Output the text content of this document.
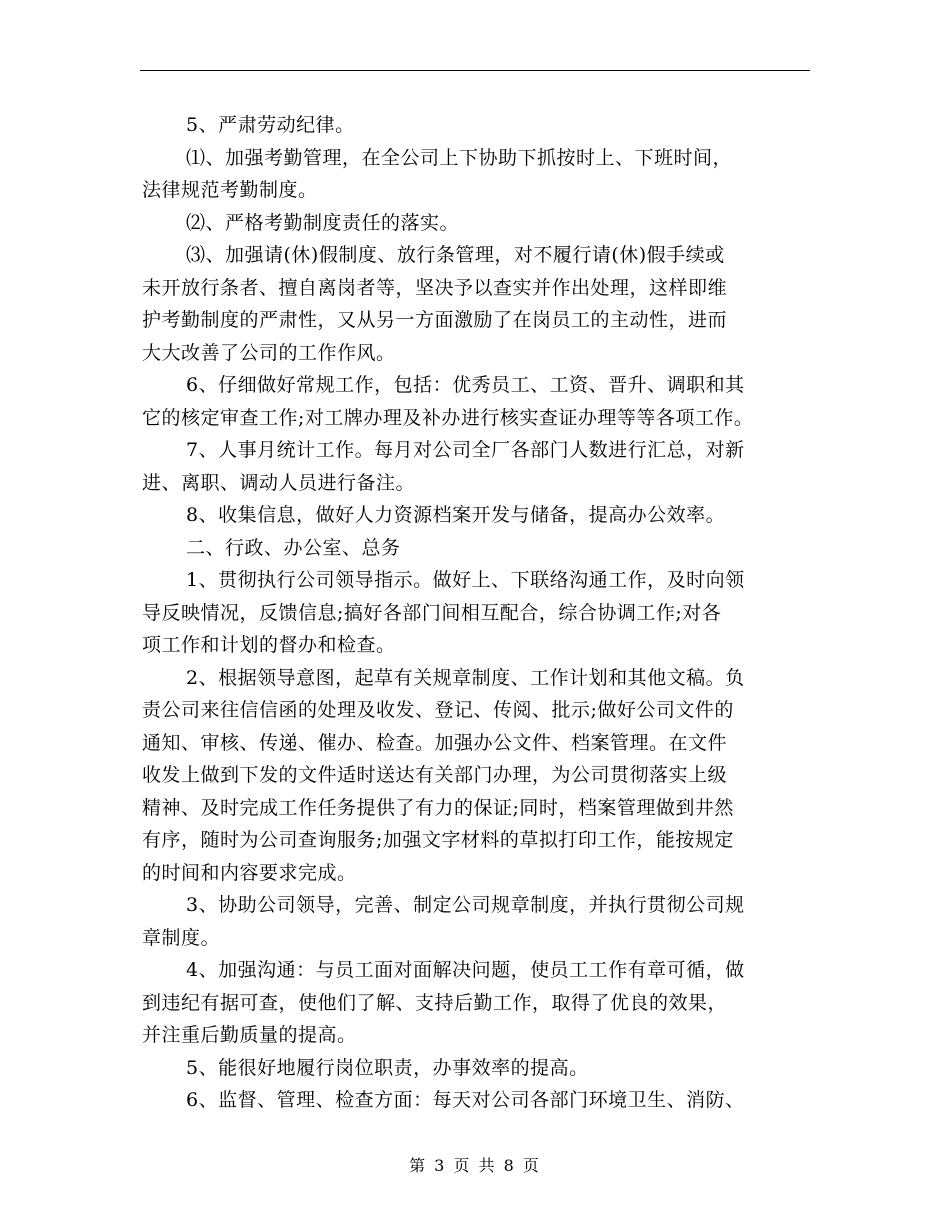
5、严肃劳动纪律。
⑴、加强考勤管理，在全公司上下协助下抓按时上、下班时间，
法律规范考勤制度。
⑵、严格考勤制度责任的落实。
⑶、加强请(休)假制度、放行条管理，对不履行请(休)假手续或
未开放行条者、擅自离岗者等，坚决予以查实并作出处理，这样即维
护考勤制度的严肃性，又从另一方面激励了在岗员工的主动性，进而
大大改善了公司的工作作风。
6、仔细做好常规工作，包括：优秀员工、工资、晋升、调职和其
它的核定审查工作;对工牌办理及补办进行核实查证办理等等各项工作。
7、人事月统计工作。每月对公司全厂各部门人数进行汇总，对新
进、离职、调动人员进行备注。
8、收集信息，做好人力资源档案开发与储备，提高办公效率。
二、行政、办公室、总务
1、贯彻执行公司领导指示。做好上、下联络沟通工作，及时向领
导反映情况，反馈信息;搞好各部门间相互配合，综合协调工作;对各
项工作和计划的督办和检查。
2、根据领导意图，起草有关规章制度、工作计划和其他文稿。负
责公司来往信信函的处理及收发、登记、传阅、批示;做好公司文件的
通知、审核、传递、催办、检查。加强办公文件、档案管理。在文件
收发上做到下发的文件适时送达有关部门办理，为公司贯彻落实上级
精神、及时完成工作任务提供了有力的保证;同时，档案管理做到井然
有序，随时为公司查询服务;加强文字材料的草拟打印工作，能按规定
的时间和内容要求完成。
3、协助公司领导，完善、制定公司规章制度，并执行贯彻公司规
章制度。
4、加强沟通：与员工面对面解决问题，使员工工作有章可循，做
到违纪有据可查，使他们了解、支持后勤工作，取得了优良的效果，
并注重后勤质量的提高。
5、能很好地履行岗位职责，办事效率的提高。
6、监督、管理、检查方面：每天对公司各部门环境卫生、消防、
第 3 页 共 8 页
